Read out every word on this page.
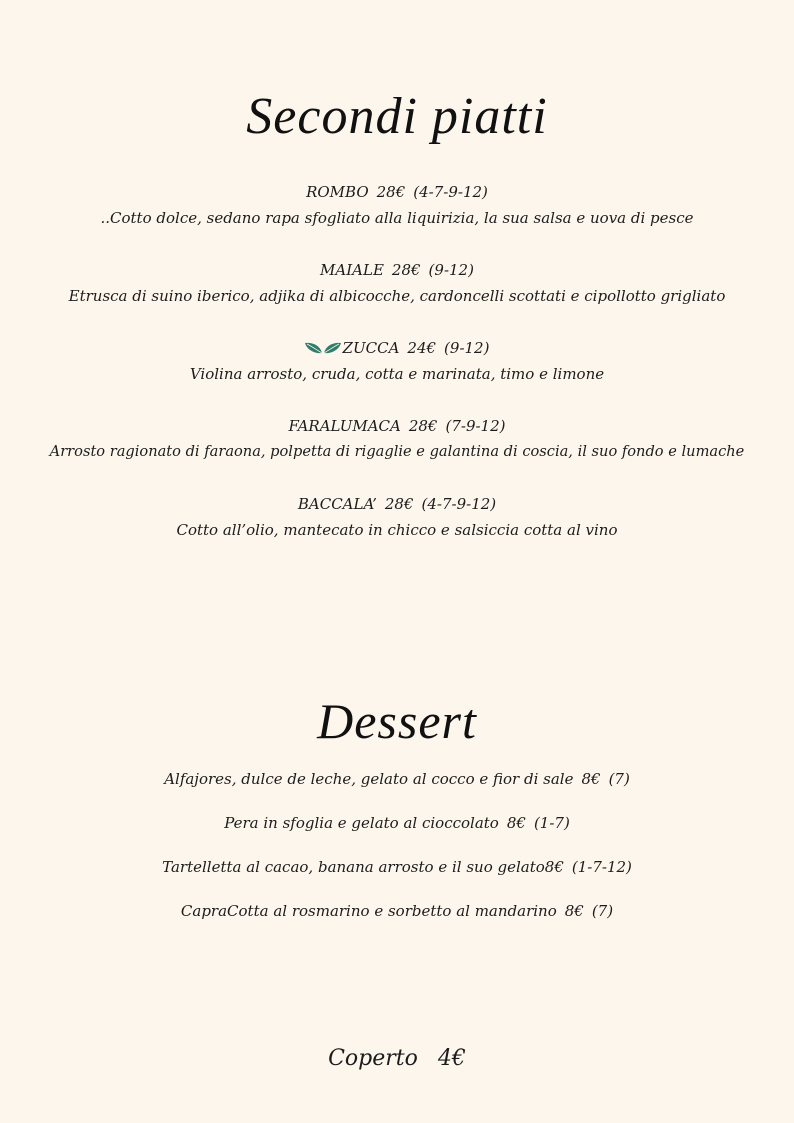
Secondi piatti
ROMBO 28€ (4-7-9-12)
..Cotto dolce, sedano rapa sfogliato alla liquirizia, la sua salsa e uova di pesce
MAIALE 28€ (9-12)
Etrusca di suino iberico, adjika di albicocche, cardoncelli scottati e cipollotto grigliato
ZUCCA 24€ (9-12)
Violina arrosto, cruda, cotta e marinata, timo e limone
FARALUMACA 28€ (7-9-12)
Arrosto ragionato di faraona, polpetta di rigaglie e galantina di coscia, il suo fondo e lumache
BACCALA’ 28€ (4-7-9-12)
Cotto all’olio, mantecato in chicco e salsiccia cotta al vino
Dessert
Alfajores, dulce de leche, gelato al cocco e fior di sale 8€ (7)
Pera in sfoglia e gelato al cioccolato 8€ (1-7)
Tartelletta al cacao, banana arrosto e il suo gelato8€ (1-7-12)
CapraCotta al rosmarino e sorbetto al mandarino 8€ (7)
Coperto 4€
